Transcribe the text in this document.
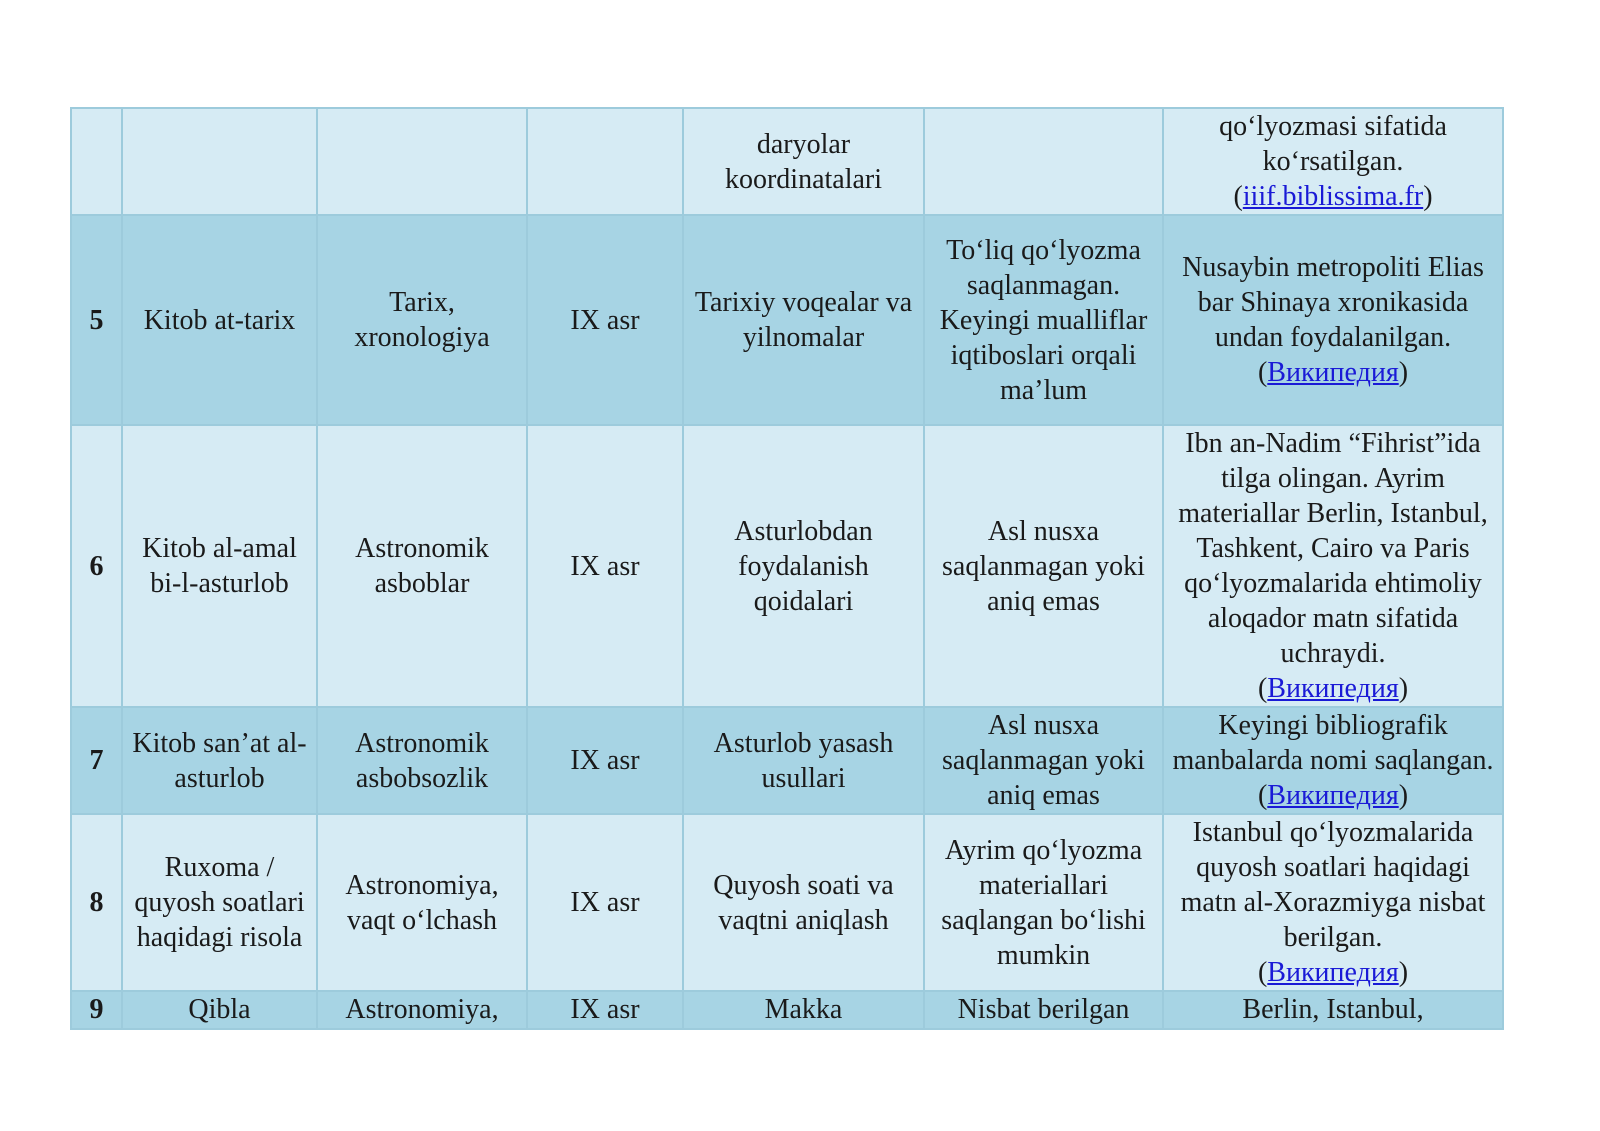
				daryolar koordinatalari		qo‘lyozmasi sifatida ko‘rsatilgan.
(iiif.biblissima.fr)
5	Kitob at-tarix	Tarix, xronologiya	IX asr	Tarixiy voqealar va yilnomalar	To‘liq qo‘lyozma saqlanmagan. Keyingi mualliflar iqtiboslari orqali ma’lum	Nusaybin metropoliti Elias bar Shinaya xronikasida undan foydalanilgan.
(Википедия)
6	Kitob al-amal bi-l-asturlob	Astronomik asboblar	IX asr	Asturlobdan foydalanish qoidalari	Asl nusxa saqlanmagan yoki aniq emas	Ibn an-Nadim “Fihrist”ida tilga olingan. Ayrim materiallar Berlin, Istanbul, Tashkent, Cairo va Paris qo‘lyozmalarida ehtimoliy aloqador matn sifatida uchraydi.
(Википедия)
7	Kitob san’at al-asturlob	Astronomik asbobsozlik	IX asr	Asturlob yasash usullari	Asl nusxa saqlanmagan yoki aniq emas	Keyingi bibliografik manbalarda nomi saqlangan. (Википедия)
8	Ruxoma / quyosh soatlari haqidagi risola	Astronomiya, vaqt o‘lchash	IX asr	Quyosh soati va vaqtni aniqlash	Ayrim qo‘lyozma materiallari saqlangan bo‘lishi mumkin	Istanbul qo‘lyozmalarida quyosh soatlari haqidagi matn al-Xorazmiyga nisbat berilgan.
(Википедия)
9	Qibla	Astronomiya,	IX asr	Makka	Nisbat berilgan	Berlin, Istanbul,
